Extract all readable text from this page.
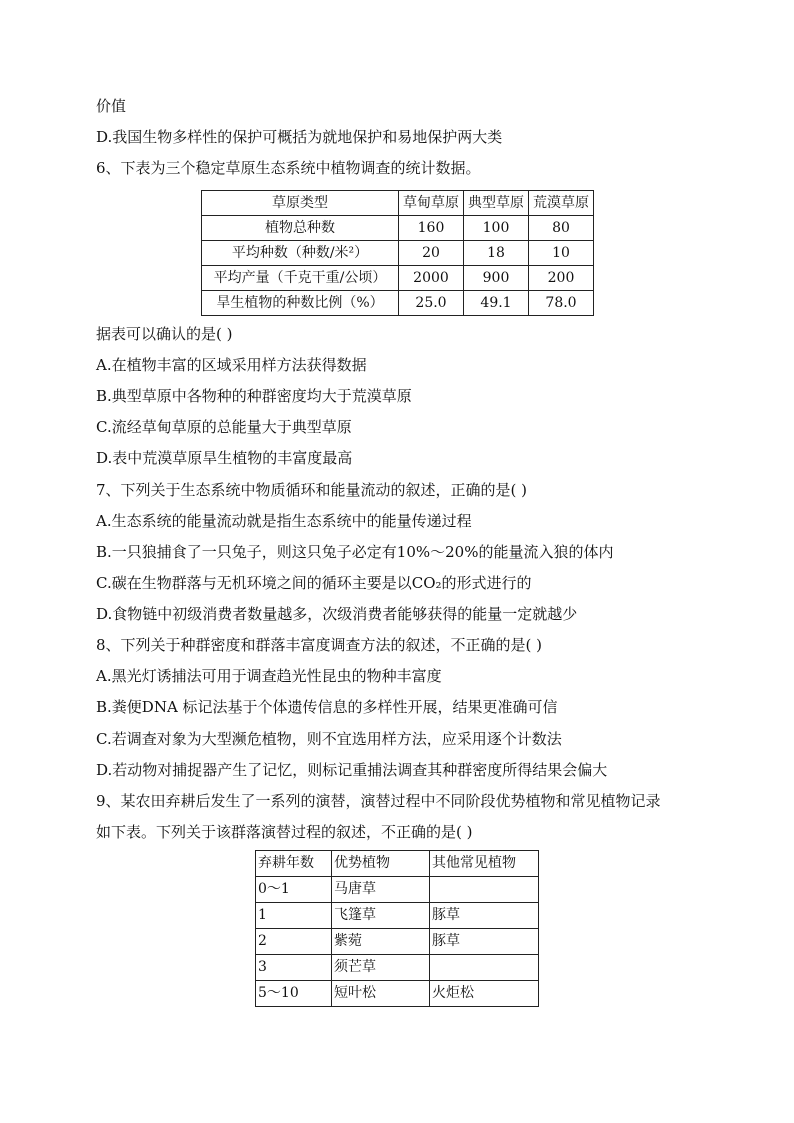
价值
D.我国生物多样性的保护可概括为就地保护和易地保护两大类
6、下表为三个稳定草原生态系统中植物调查的统计数据。
草原类型	草甸草原	典型草原	荒漠草原
植物总种数	160	100	80
平均种数（种数/米²）	20	18	10
平均产量（千克干重/公顷）	2000	900	200
旱生植物的种数比例（%）	25.0	49.1	78.0
据表可以确认的是( )
A.在植物丰富的区域采用样方法获得数据
B.典型草原中各物种的种群密度均大于荒漠草原
C.流经草甸草原的总能量大于典型草原
D.表中荒漠草原旱生植物的丰富度最高
7、下列关于生态系统中物质循环和能量流动的叙述，正确的是( )
A.生态系统的能量流动就是指生态系统中的能量传递过程
B.一只狼捕食了一只兔子，则这只兔子必定有10%～20%的能量流入狼的体内
C.碳在生物群落与无机环境之间的循环主要是以CO₂的形式进行的
D.食物链中初级消费者数量越多，次级消费者能够获得的能量一定就越少
8、下列关于种群密度和群落丰富度调查方法的叙述，不正确的是( )
A.黑光灯诱捕法可用于调查趋光性昆虫的物种丰富度
B.粪便DNA 标记法基于个体遗传信息的多样性开展，结果更准确可信
C.若调查对象为大型濒危植物，则不宜选用样方法，应采用逐个计数法
D.若动物对捕捉器产生了记忆，则标记重捕法调查其种群密度所得结果会偏大
9、某农田弃耕后发生了一系列的演替，演替过程中不同阶段优势植物和常见植物记录
如下表。下列关于该群落演替过程的叙述，不正确的是( )
弃耕年数	优势植物	其他常见植物
0～1	马唐草	
1	飞篷草	豚草
2	紫菀	豚草
3	须芒草	
5～10	短叶松	火炬松
